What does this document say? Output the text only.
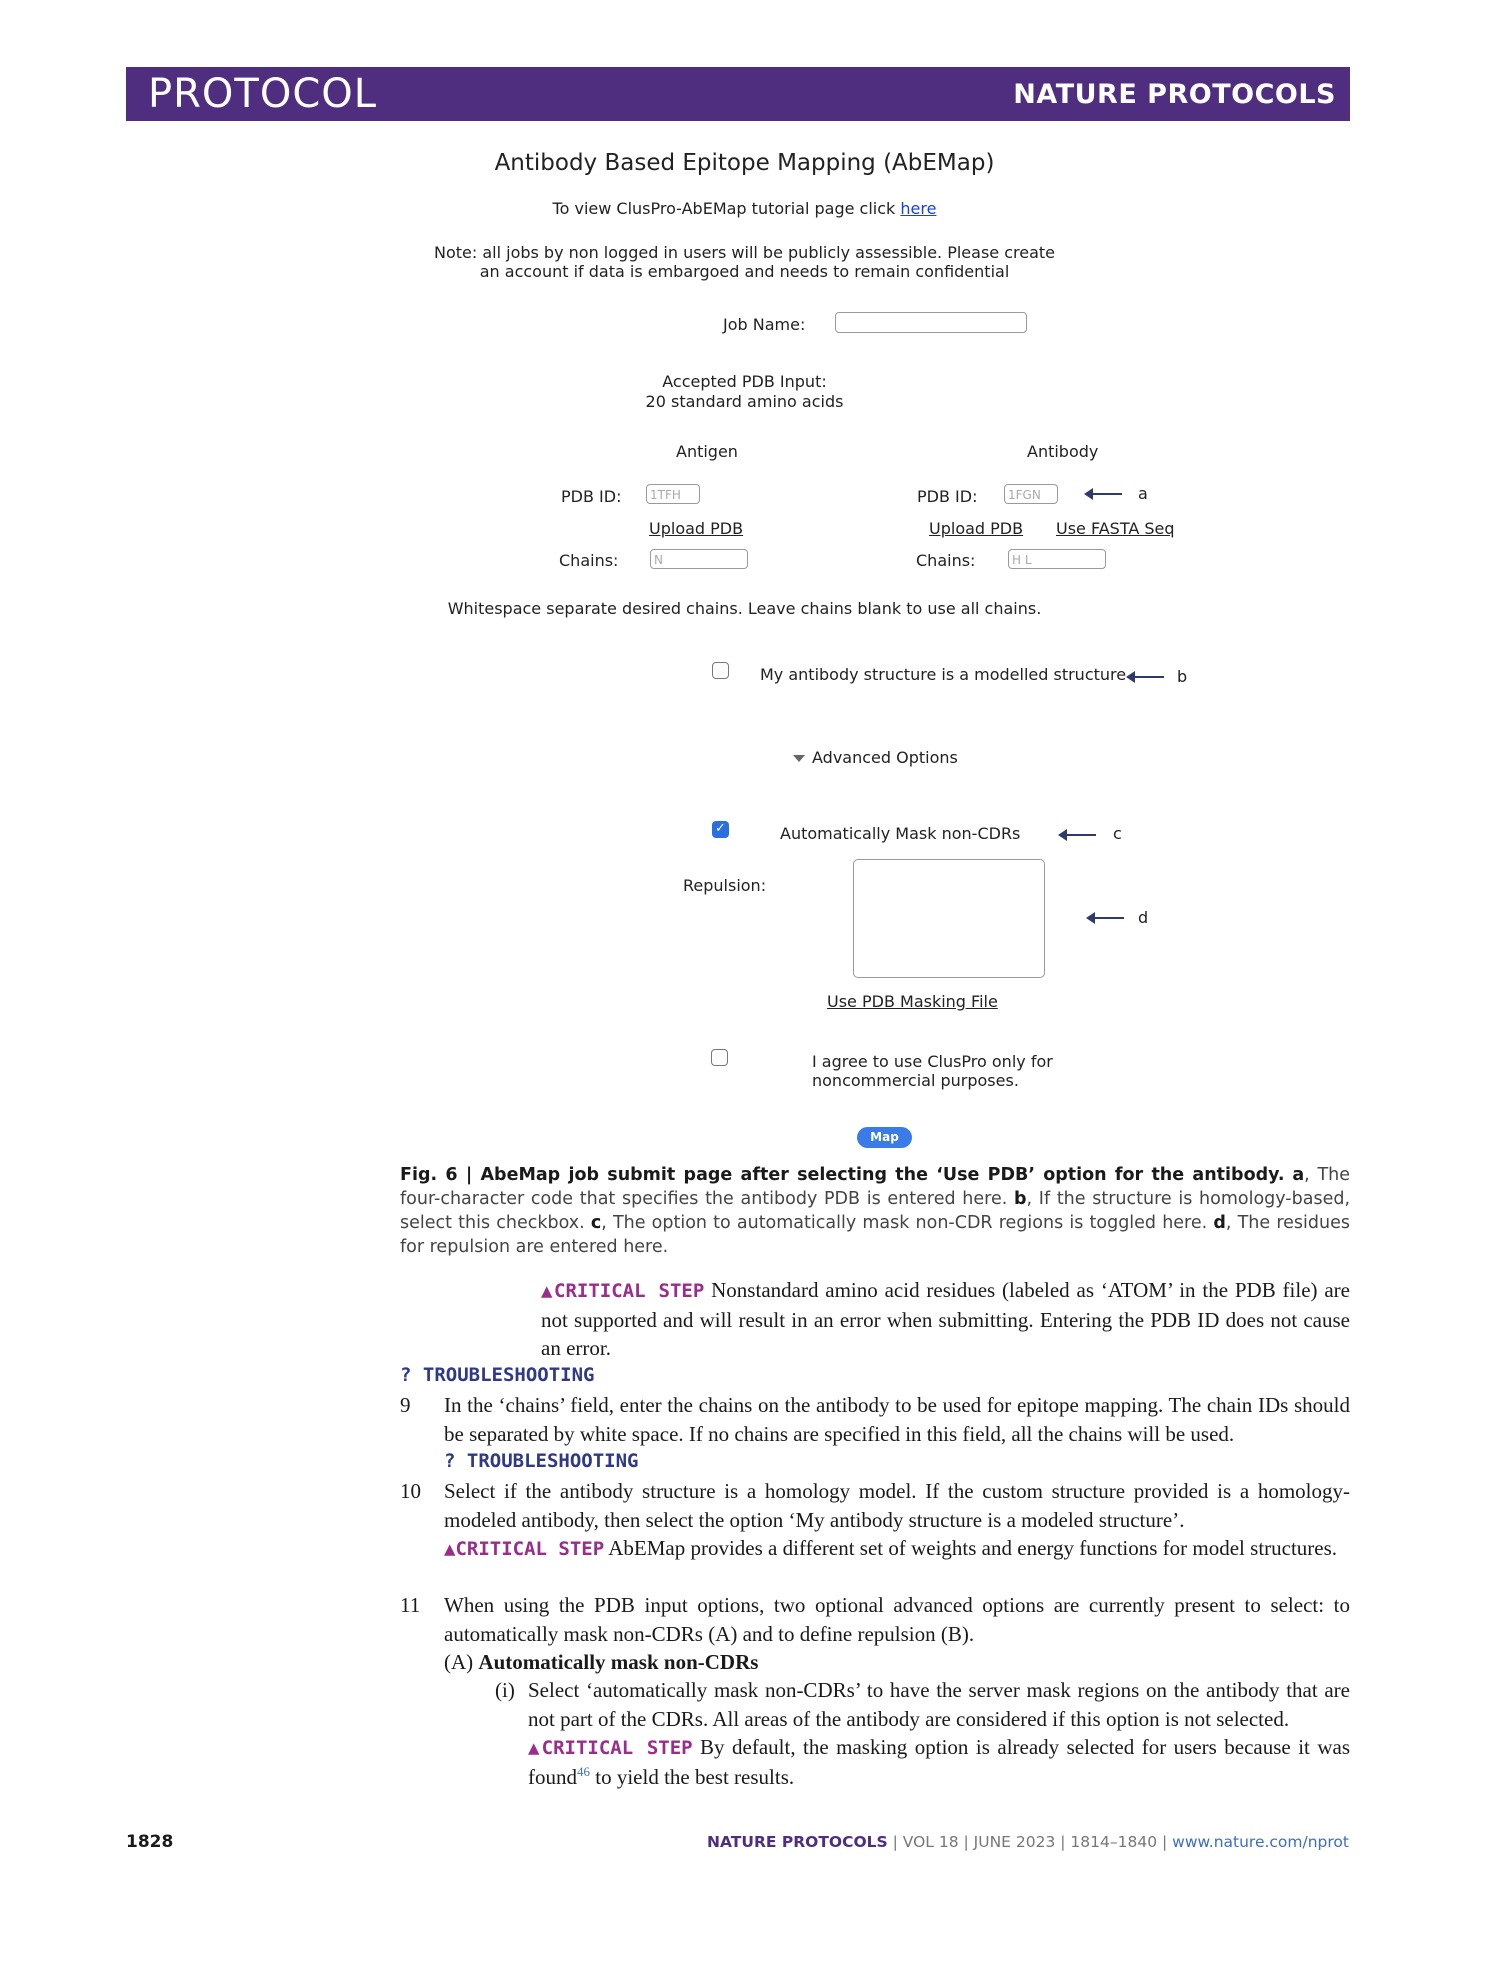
PROTOCOL	NATURE PROTOCOLS
Antibody Based Epitope Mapping (AbEMap)
To view ClusPro-AbEMap tutorial page click here
Note: all jobs by non logged in users will be publicly assessible. Please create
an account if data is embargoed and needs to remain confidential
Job Name:
Accepted PDB Input:
20 standard amino acids
Antigen
PDB ID:	1TFH
Upload PDB
Chains:	N
Antibody
PDB ID:	1FGN	a
Upload PDB Use FASTA Seq
Chains:	H L
Whitespace separate desired chains. Leave chains blank to use all chains.
My antibody structure is a modelled structure	b
Advanced Options
✓	Automatically Mask non-CDRs	c
Repulsion:
d
Use PDB Masking File
I agree to use ClusPro only for
noncommercial purposes.
Map
Fig. 6 | AbeMap job submit page after selecting the ‘Use PDB’ option for the antibody. a, The four-character code that specifies the antibody PDB is entered here. b, If the structure is homology-based, select this checkbox. c, The option to automatically mask non-CDR regions is toggled here. d, The residues for repulsion are entered here.
▲CRITICAL STEP Nonstandard amino acid residues (labeled as ‘ATOM’ in the PDB file) are not supported and will result in an error when submitting. Entering the PDB ID does not cause an error.
? TROUBLESHOOTING
9 In the ‘chains’ field, enter the chains on the antibody to be used for epitope mapping. The chain IDs should be separated by white space. If no chains are specified in this field, all the chains will be used.
? TROUBLESHOOTING
10 Select if the antibody structure is a homology model. If the custom structure provided is a homology-modeled antibody, then select the option ‘My antibody structure is a modeled structure’.
▲CRITICAL STEP AbEMap provides a different set of weights and energy functions for model structures.
11 When using the PDB input options, two optional advanced options are currently present to select: to automatically mask non-CDRs (A) and to define repulsion (B).
(A) Automatically mask non-CDRs
(i) Select ‘automatically mask non-CDRs’ to have the server mask regions on the antibody that are not part of the CDRs. All areas of the antibody are considered if this option is not selected.
▲CRITICAL STEP By default, the masking option is already selected for users because it was found$^{46}$ to yield the best results.
1828	NATURE PROTOCOLS | VOL 18 | JUNE 2023 | 1814–1840 | www.nature.com/nprot
